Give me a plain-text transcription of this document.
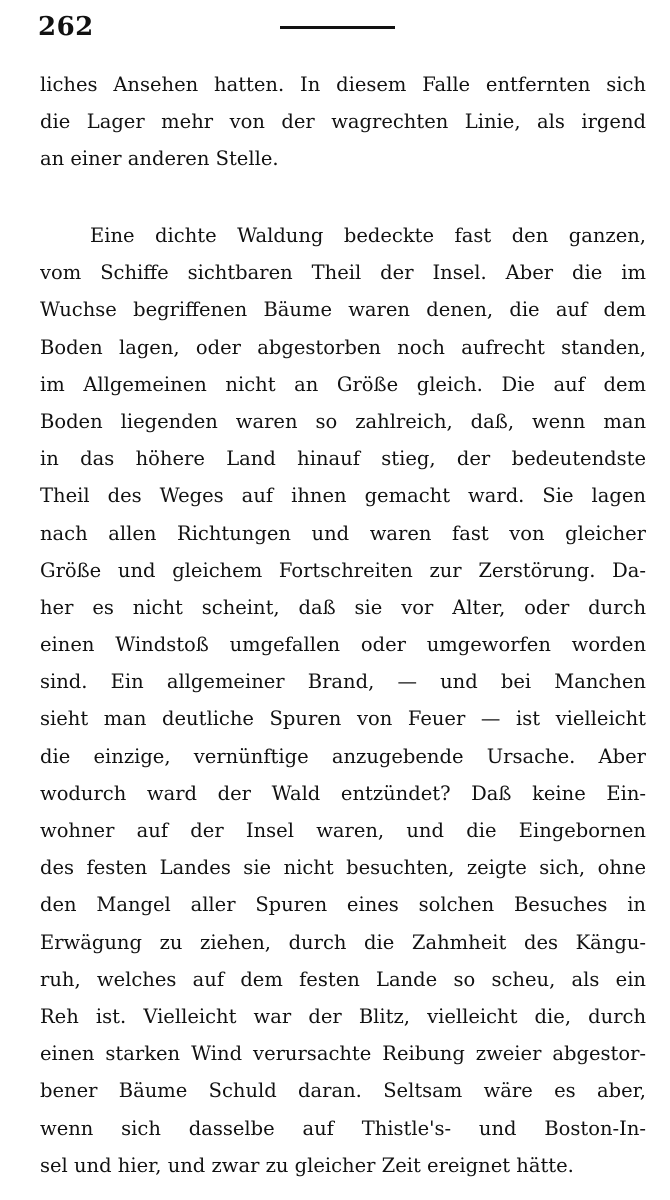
262
liches Ansehen hatten. In diesem Falle entfernten sich
die Lager mehr von der wagrechten Linie, als irgend
an einer anderen Stelle.
Eine dichte Waldung bedeckte fast den ganzen,
vom Schiffe sichtbaren Theil der Insel. Aber die im
Wuchse begriffenen Bäume waren denen, die auf dem
Boden lagen, oder abgestorben noch aufrecht standen,
im Allgemeinen nicht an Größe gleich. Die auf dem
Boden liegenden waren so zahlreich, daß, wenn man
in das höhere Land hinauf stieg, der bedeutendste
Theil des Weges auf ihnen gemacht ward. Sie lagen
nach allen Richtungen und waren fast von gleicher
Größe und gleichem Fortschreiten zur Zerstörung. Da-
her es nicht scheint, daß sie vor Alter, oder durch
einen Windstoß umgefallen oder umgeworfen worden
sind. Ein allgemeiner Brand, — und bei Manchen
sieht man deutliche Spuren von Feuer — ist vielleicht
die einzige, vernünftige anzugebende Ursache. Aber
wodurch ward der Wald entzündet? Daß keine Ein-
wohner auf der Insel waren, und die Eingebornen
des festen Landes sie nicht besuchten, zeigte sich, ohne
den Mangel aller Spuren eines solchen Besuches in
Erwägung zu ziehen, durch die Zahmheit des Kängu-
ruh, welches auf dem festen Lande so scheu, als ein
Reh ist. Vielleicht war der Blitz, vielleicht die, durch
einen starken Wind verursachte Reibung zweier abgestor-
bener Bäume Schuld daran. Seltsam wäre es aber,
wenn sich dasselbe auf Thistle's- und Boston-In-
sel und hier, und zwar zu gleicher Zeit ereignet hätte.
